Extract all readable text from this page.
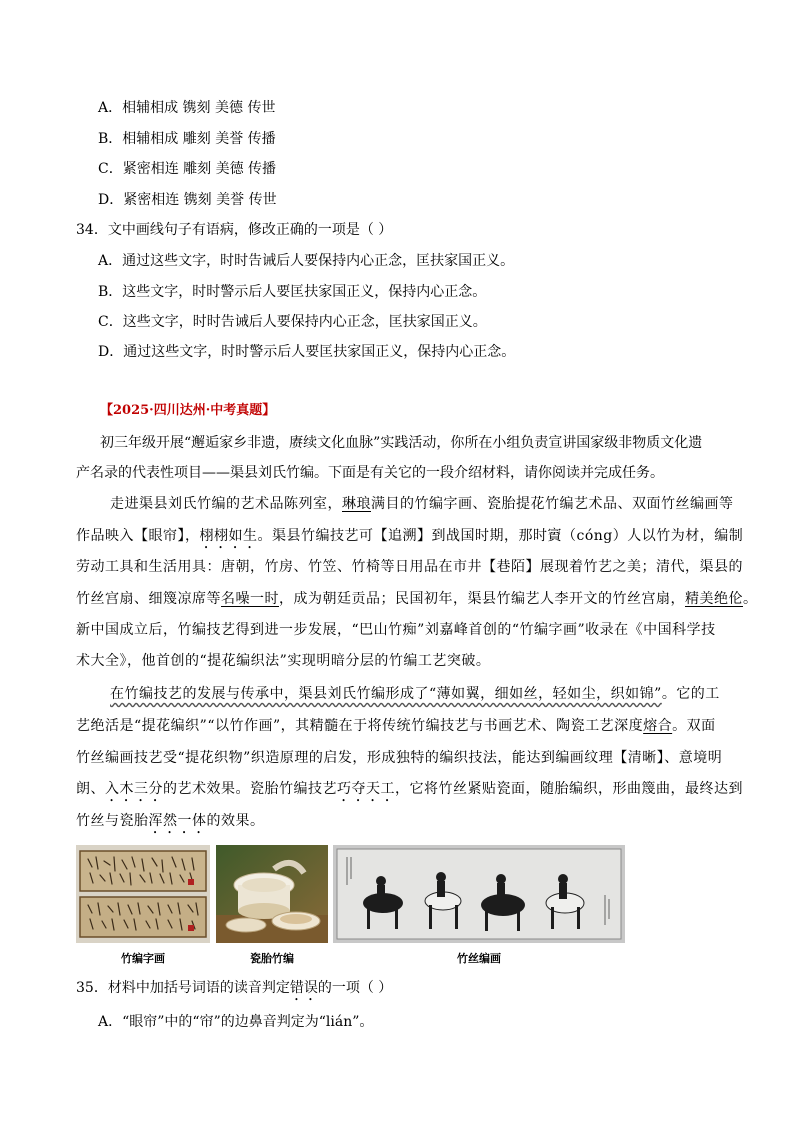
A．相辅相成 镌刻 美德 传世
B．相辅相成 雕刻 美誉 传播
C．紧密相连 雕刻 美德 传播
D．紧密相连 镌刻 美誉 传世
34．文中画线句子有语病，修改正确的一项是（ ）
A．通过这些文字，时时告诫后人要保持内心正念，匡扶家国正义。
B．这些文字，时时警示后人要匡扶家国正义，保持内心正念。
C．这些文字，时时告诫后人要保持内心正念，匡扶家国正义。
D．通过这些文字，时时警示后人要匡扶家国正义，保持内心正念。
【2025·四川达州·中考真题】
初三年级开展“邂逅家乡非遗，赓续文化血脉”实践活动，你所在小组负责宣讲国家级非物质文化遗
产名录的代表性项目——渠县刘氏竹编。下面是有关它的一段介绍材料，请你阅读并完成任务。
走进渠县刘氏竹编的艺术品陈列室，琳琅满目的竹编字画、瓷胎提花竹编艺术品、双面竹丝编画等
作品映入【眼帘】，栩栩如生。渠县竹编技艺可【追溯】到战国时期，那时賨（cóng）人以竹为材，编制
劳动工具和生活用具：唐朝，竹房、竹笠、竹椅等日用品在市井【巷陌】展现着竹艺之美；清代，渠县的
竹丝宫扇、细篾凉席等名噪一时，成为朝廷贡品；民国初年，渠县竹编艺人李开文的竹丝宫扇，精美绝伦。
新中国成立后，竹编技艺得到进一步发展，“巴山竹痴”刘嘉峰首创的“竹编字画”收录在《中国科学技
术大全》，他首创的“提花编织法”实现明暗分层的竹编工艺突破。
在竹编技艺的发展与传承中，渠县刘氏竹编形成了“薄如翼，细如丝，轻如尘，织如锦”。它的工
艺绝活是“提花编织”“以竹作画”，其精髓在于将传统竹编技艺与书画艺术、陶瓷工艺深度熔合。双面
竹丝编画技艺受“提花织物”织造原理的启发，形成独特的编织技法，能达到编画纹理【清晰】、意境明
朗、入木三分的艺术效果。瓷胎竹编技艺巧夺天工，它将竹丝紧贴瓷面，随胎编织，形曲篾曲，最终达到
竹丝与瓷胎浑然一体的效果。
竹编字画	瓷胎竹编	竹丝编画
35．材料中加括号词语的读音判定错误的一项（ ）
A．“眼帘”中的“帘”的边鼻音判定为“lián”。
